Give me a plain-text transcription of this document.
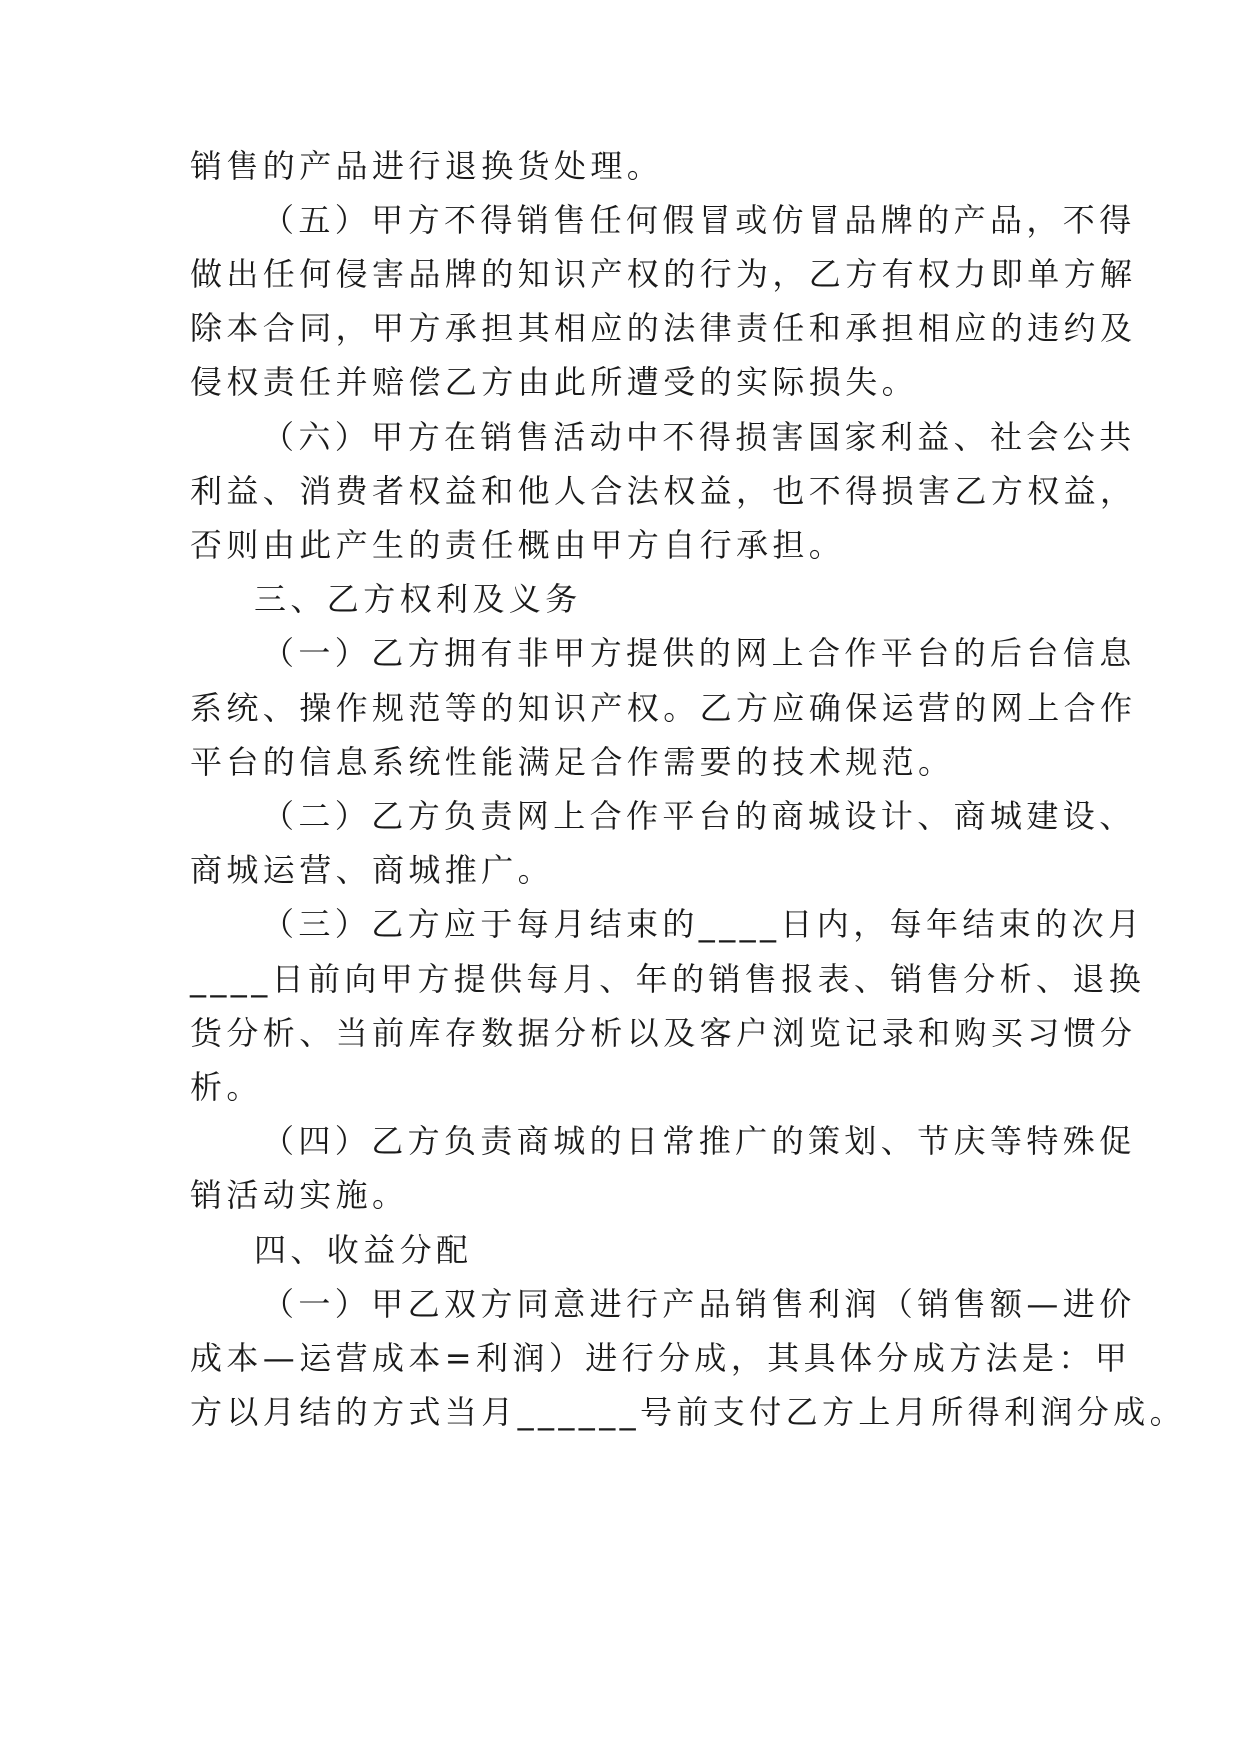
销售的产品进行退换货处理。
（五）甲方不得销售任何假冒或仿冒品牌的产品，不得
做出任何侵害品牌的知识产权的行为，乙方有权力即单方解
除本合同，甲方承担其相应的法律责任和承担相应的违约及
侵权责任并赔偿乙方由此所遭受的实际损失。
（六）甲方在销售活动中不得损害国家利益、社会公共
利益、消费者权益和他人合法权益，也不得损害乙方权益，
否则由此产生的责任概由甲方自行承担。
三、乙方权利及义务
（一）乙方拥有非甲方提供的网上合作平台的后台信息
系统、操作规范等的知识产权。乙方应确保运营的网上合作
平台的信息系统性能满足合作需要的技术规范。
（二）乙方负责网上合作平台的商城设计、商城建设、
商城运营、商城推广。
（三）乙方应于每月结束的____日内，每年结束的次月
____日前向甲方提供每月、年的销售报表、销售分析、退换
货分析、当前库存数据分析以及客户浏览记录和购买习惯分
析。
（四）乙方负责商城的日常推广的策划、节庆等特殊促
销活动实施。
四、收益分配
（一）甲乙双方同意进行产品销售利润（销售额—进价
成本—运营成本=利润）进行分成，其具体分成方法是：甲
方以月结的方式当月______号前支付乙方上月所得利润分成。
